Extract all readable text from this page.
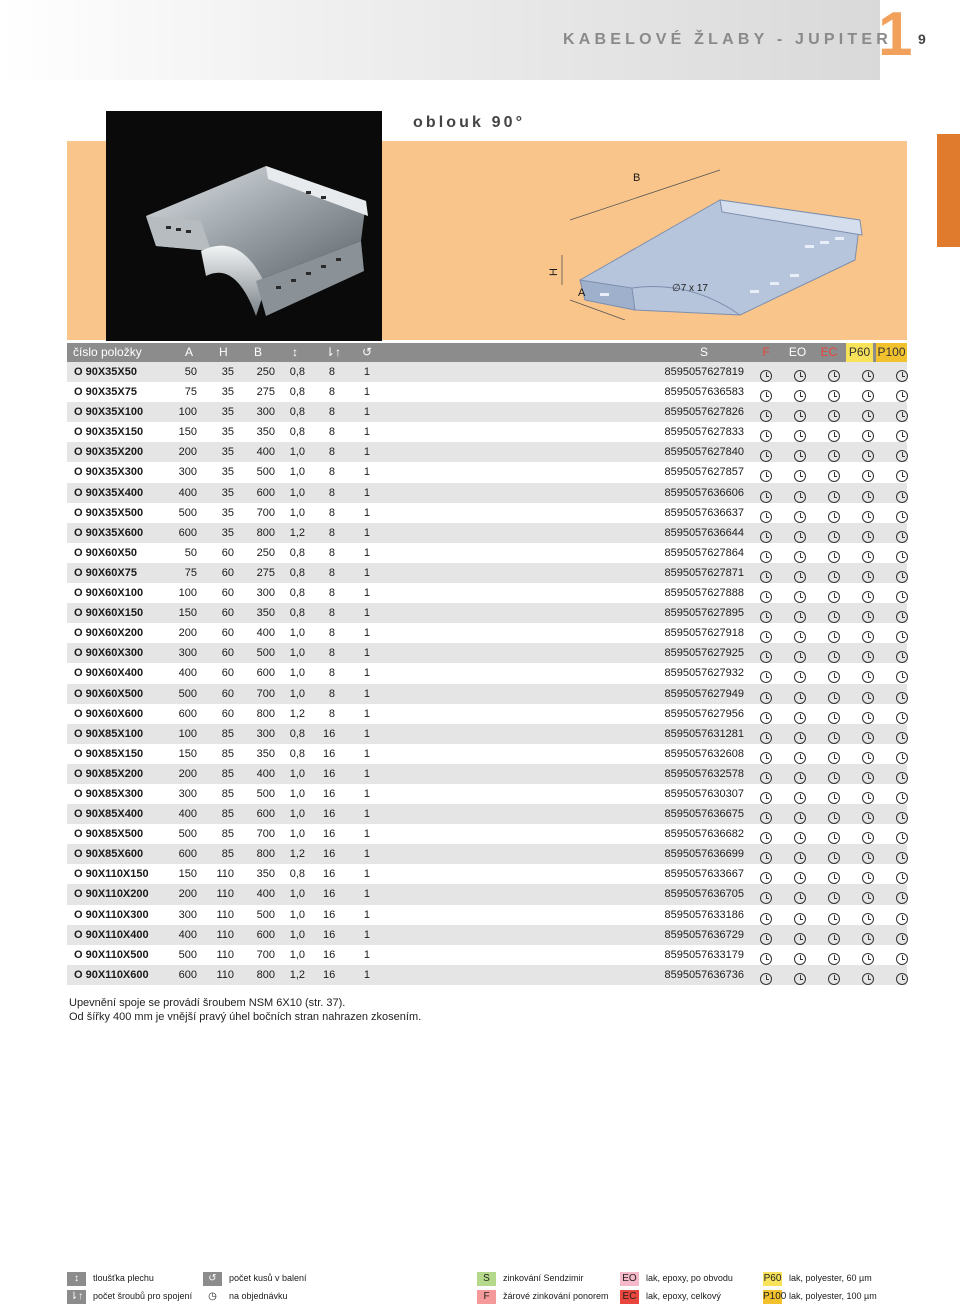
KABELOVÉ ŽLABY - JUPITER
1 9
oblouk 90°
B
H
A	∅7 x 17
číslo položky	A H B ↕ ⇂↑ ↺	S	F	EO	EC P60 P100
O 90X35X50	50	35	250 0,8	8	1	8595057627819
O 90X35X75	75	35	275 0,8	8	1	8595057636583
O 90X35X100	100	35	300 0,8	8	1	8595057627826
O 90X35X150	150	35	350 0,8	8	1	8595057627833
O 90X35X200	200	35	400 1,0	8	1	8595057627840
O 90X35X300	300	35	500 1,0	8	1	8595057627857
O 90X35X400	400	35	600 1,0	8	1	8595057636606
O 90X35X500	500	35	700 1,0	8	1	8595057636637
O 90X35X600	600	35	800 1,2	8	1	8595057636644
O 90X60X50	50	60	250 0,8	8	1	8595057627864
O 90X60X75	75	60	275 0,8	8	1	8595057627871
O 90X60X100	100	60	300 0,8	8	1	8595057627888
O 90X60X150	150	60	350 0,8	8	1	8595057627895
O 90X60X200	200	60	400 1,0	8	1	8595057627918
O 90X60X300	300	60	500 1,0	8	1	8595057627925
O 90X60X400	400	60	600 1,0	8	1	8595057627932
O 90X60X500	500	60	700 1,0	8	1	8595057627949
O 90X60X600	600	60	800 1,2	8	1	8595057627956
O 90X85X100	100	85	300 0,8 16	1	8595057631281
O 90X85X150	150	85	350 0,8 16	1	8595057632608
O 90X85X200	200	85	400 1,0 16	1	8595057632578
O 90X85X300	300	85	500 1,0 16	1	8595057630307
O 90X85X400	400	85	600 1,0 16	1	8595057636675
O 90X85X500	500	85	700 1,0 16	1	8595057636682
O 90X85X600	600	85	800 1,2 16	1	8595057636699
O 90X110X150	150	110	350 0,8 16	1	8595057633667
O 90X110X200	200	110	400 1,0 16	1	8595057636705
O 90X110X300	300	110	500 1,0 16	1	8595057633186
O 90X110X400	400	110	600 1,0 16	1	8595057636729
O 90X110X500	500	110	700 1,0 16	1	8595057633179
O 90X110X600	600	110	800 1,2 16	1	8595057636736
Upevnění spoje se provádí šroubem NSM 6X10 (str. 37).
Od šířky 400 mm je vnější pravý úhel bočních stran nahrazen zkosením.
↕	tloušťka plechu	↺	počet kusů v balení	S	zinkování Sendzimir	EO lak, epoxy, po obvodu	P60 lak, polyester, 60 µm
⇂↑	počet šroubů pro spojení	◷	na objednávku	F	žárové zinkování ponorem EC lak, epoxy, celkový	P100 lak, polyester, 100 µm
